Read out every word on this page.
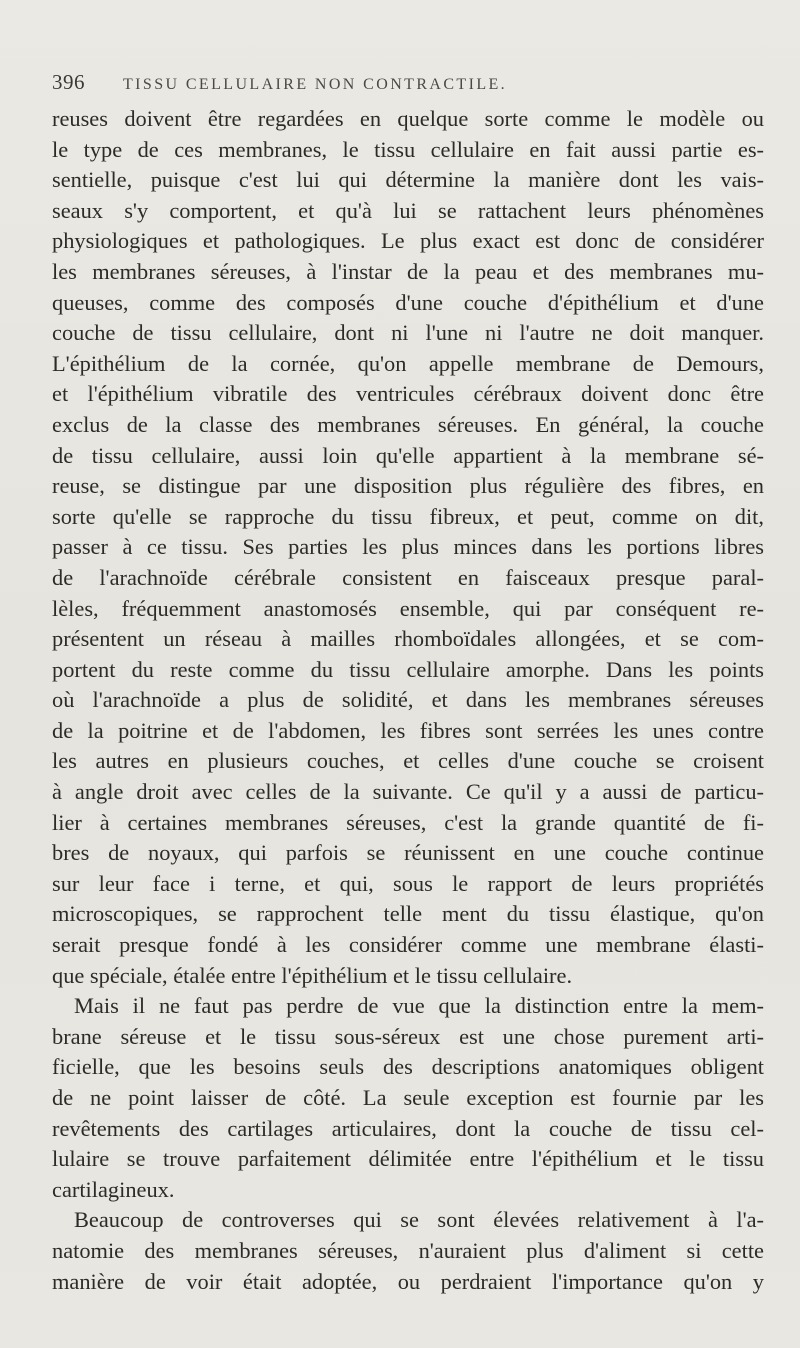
396 TISSU CELLULAIRE NON CONTRACTILE.
reuses doivent être regardées en quelque sorte comme le modèle ou
le type de ces membranes, le tissu cellulaire en fait aussi partie es-
sentielle, puisque c'est lui qui détermine la manière dont les vais-
seaux s'y comportent, et qu'à lui se rattachent leurs phénomènes
physiologiques et pathologiques. Le plus exact est donc de considérer
les membranes séreuses, à l'instar de la peau et des membranes mu-
queuses, comme des composés d'une couche d'épithélium et d'une
couche de tissu cellulaire, dont ni l'une ni l'autre ne doit manquer.
L'épithélium de la cornée, qu'on appelle membrane de Demours,
et l'épithélium vibratile des ventricules cérébraux doivent donc être
exclus de la classe des membranes séreuses. En général, la couche
de tissu cellulaire, aussi loin qu'elle appartient à la membrane sé-
reuse, se distingue par une disposition plus régulière des fibres, en
sorte qu'elle se rapproche du tissu fibreux, et peut, comme on dit,
passer à ce tissu. Ses parties les plus minces dans les portions libres
de l'arachnoïde cérébrale consistent en faisceaux presque paral-
lèles, fréquemment anastomosés ensemble, qui par conséquent re-
présentent un réseau à mailles rhomboïdales allongées, et se com-
portent du reste comme du tissu cellulaire amorphe. Dans les points
où l'arachnoïde a plus de solidité, et dans les membranes séreuses
de la poitrine et de l'abdomen, les fibres sont serrées les unes contre
les autres en plusieurs couches, et celles d'une couche se croisent
à angle droit avec celles de la suivante. Ce qu'il y a aussi de particu-
lier à certaines membranes séreuses, c'est la grande quantité de fi-
bres de noyaux, qui parfois se réunissent en une couche continue
sur leur face i terne, et qui, sous le rapport de leurs propriétés
microscopiques, se rapprochent telle ment du tissu élastique, qu'on
serait presque fondé à les considérer comme une membrane élasti-
que spéciale, étalée entre l'épithélium et le tissu cellulaire.
Mais il ne faut pas perdre de vue que la distinction entre la mem-
brane séreuse et le tissu sous-séreux est une chose purement arti-
ficielle, que les besoins seuls des descriptions anatomiques obligent
de ne point laisser de côté. La seule exception est fournie par les
revêtements des cartilages articulaires, dont la couche de tissu cel-
lulaire se trouve parfaitement délimitée entre l'épithélium et le tissu
cartilagineux.
Beaucoup de controverses qui se sont élevées relativement à l'a-
natomie des membranes séreuses, n'auraient plus d'aliment si cette
manière de voir était adoptée, ou perdraient l'importance qu'on y
